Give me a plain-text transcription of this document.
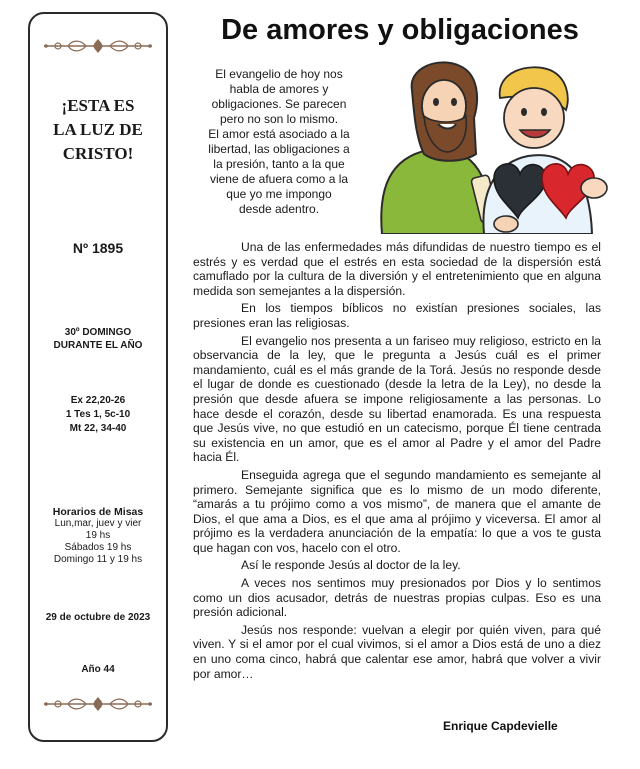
¡ESTA ES
LA LUZ DE
CRISTO!
Nº 1895
30º DOMINGO
DURANTE EL AÑO
Ex 22,20-26
1 Tes 1, 5c-10
Mt 22, 34-40
Horarios de Misas
Lun,mar, juev y vier
19 hs
Sábados 19 hs
Domingo 11 y 19 hs
29 de octubre de 2023
Año 44
De amores y obligaciones
El evangelio de hoy nos
habla de amores y
obligaciones. Se parecen
pero no son lo mismo.
El amor está asociado a la
libertad, las obligaciones a
la presión, tanto a la que
viene de afuera como a la
que yo me impongo
desde adentro.

Una de las enfermedades más difundidas de nuestro tiempo es el estrés y es verdad que el estrés en esta sociedad de la dispersión está camuflado por la cultura de la diversión y el entretenimiento que en alguna medida son semejantes a la dispersión.

En los tiempos bíblicos no existían presiones sociales, las presiones eran las religiosas.

El evangelio nos presenta a un fariseo muy religioso, estricto en la observancia de la ley, que le pregunta a Jesús cuál es el primer mandamiento, cuál es el más grande de la Torá. Jesús no responde desde el lugar de donde es cuestionado (desde la letra de la Ley), no desde la presión que desde afuera se impone religiosamente a las personas. Lo hace desde el corazón, desde su libertad enamorada. Es una respuesta que Jesús vive, no que estudió en un catecismo, porque Él tiene centrada su existencia en un amor, que es el amor al Padre y el amor del Padre hacia Él.

Enseguida agrega que el segundo mandamiento es semejante al primero. Semejante significa que es lo mismo de un modo diferente, “amarás a tu prójimo como a vos mismo”, de manera que el amante de Dios, el que ama a Dios, es el que ama al prójimo y viceversa. El amor al prójimo es la verdadera anunciación de la empatía: lo que a vos te gusta que hagan con vos, hacelo con el otro.

Así le responde Jesús al doctor de la ley.

A veces nos sentimos muy presionados por Dios y lo sentimos como un dios acusador, detrás de nuestras propias culpas. Eso es una presión adicional.

Jesús nos responde: vuelvan a elegir por quién viven, para qué viven. Y si el amor por el cual vivimos, si el amor a Dios está de uno a diez en uno coma cinco, habrá que calentar ese amor, habrá que volver a vivir por amor…

Enrique Capdevielle
